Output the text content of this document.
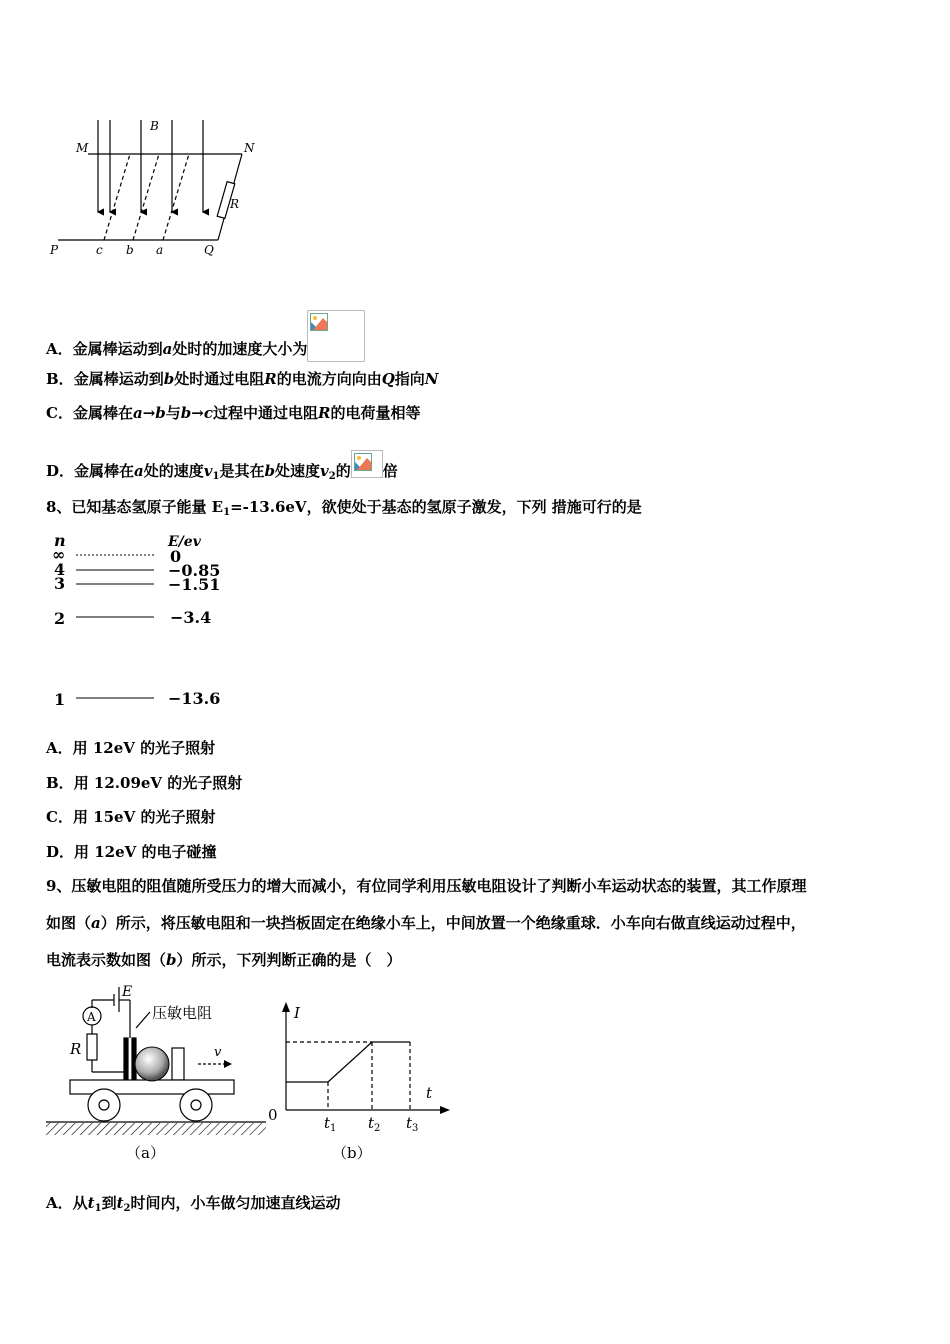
M
B
N
R
P	c b a	Q
A．金属棒运动到a处时的加速度大小为
B．金属棒运动到b处时通过电阻R的电流方向向由Q指向N
C．金属棒在a→b与b→c过程中通过电阻R的电荷量相等
D．金属棒在a处的速度$v_1$是其在b处速度$v_2$的 倍
8、已知基态氢原子能量 $E_1=-13.6eV$，欲使处于基态的氢原子激发，下列 措施可行的是
n	E/ev
∞	0
4	−0.85
3	−1.51
2	−3.4
1	−13.6
A．用 12eV 的光子照射
B．用 12.09eV 的光子照射
C．用 15eV 的光子照射
D．用 12eV 的电子碰撞
9、压敏电阻的阻值随所受压力的增大而减小，有位同学利用压敏电阻设计了判断小车运动状态的装置，其工作原理
如图（a）所示，将压敏电阻和一块挡板固定在绝缘小车上，中间放置一个绝缘重球．小车向右做直线运动过程中，
电流表示数如图（b）所示，下列判断正确的是（　）
E
A
R
压敏电阻
v
（a）
I
t
0	$t_1$ $t_2$ $t_3$
（b）
A．从$t_1$到$t_2$时间内，小车做匀加速直线运动
